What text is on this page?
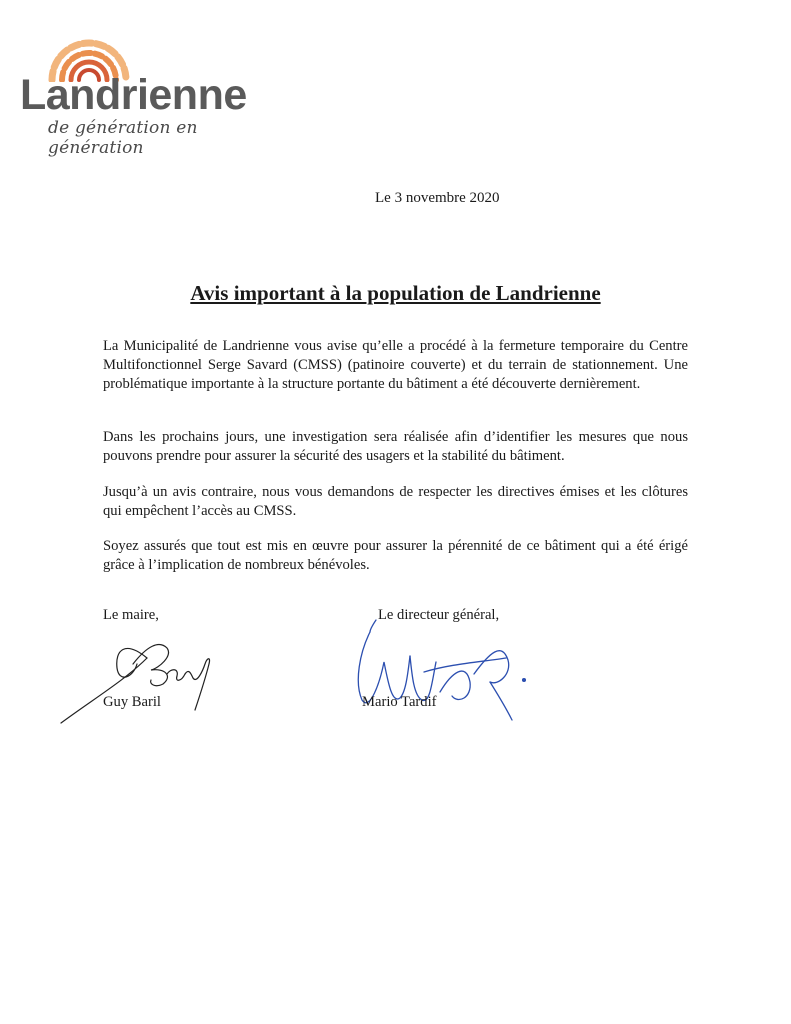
Landrienne
de génération en génération
Le 3 novembre 2020
Avis important à la population de Landrienne

La Municipalité de Landrienne vous avise qu’elle a procédé à la fermeture temporaire du Centre Multifonctionnel Serge Savard (CMSS) (patinoire couverte) et du terrain de stationnement. Une problématique importante à la structure portante du bâtiment a été découverte dernièrement.

Dans les prochains jours, une investigation sera réalisée afin d’identifier les mesures que nous pouvons prendre pour assurer la sécurité des usagers et la stabilité du bâtiment.

Jusqu’à un avis contraire, nous vous demandons de respecter les directives émises et les clôtures qui empêchent l’accès au CMSS.

Soyez assurés que tout est mis en œuvre pour assurer la pérennité de ce bâtiment qui a été érigé grâce à l’implication de nombreux bénévoles.

Le maire,	Le directeur général,
Guy Baril	Mario Tardif
